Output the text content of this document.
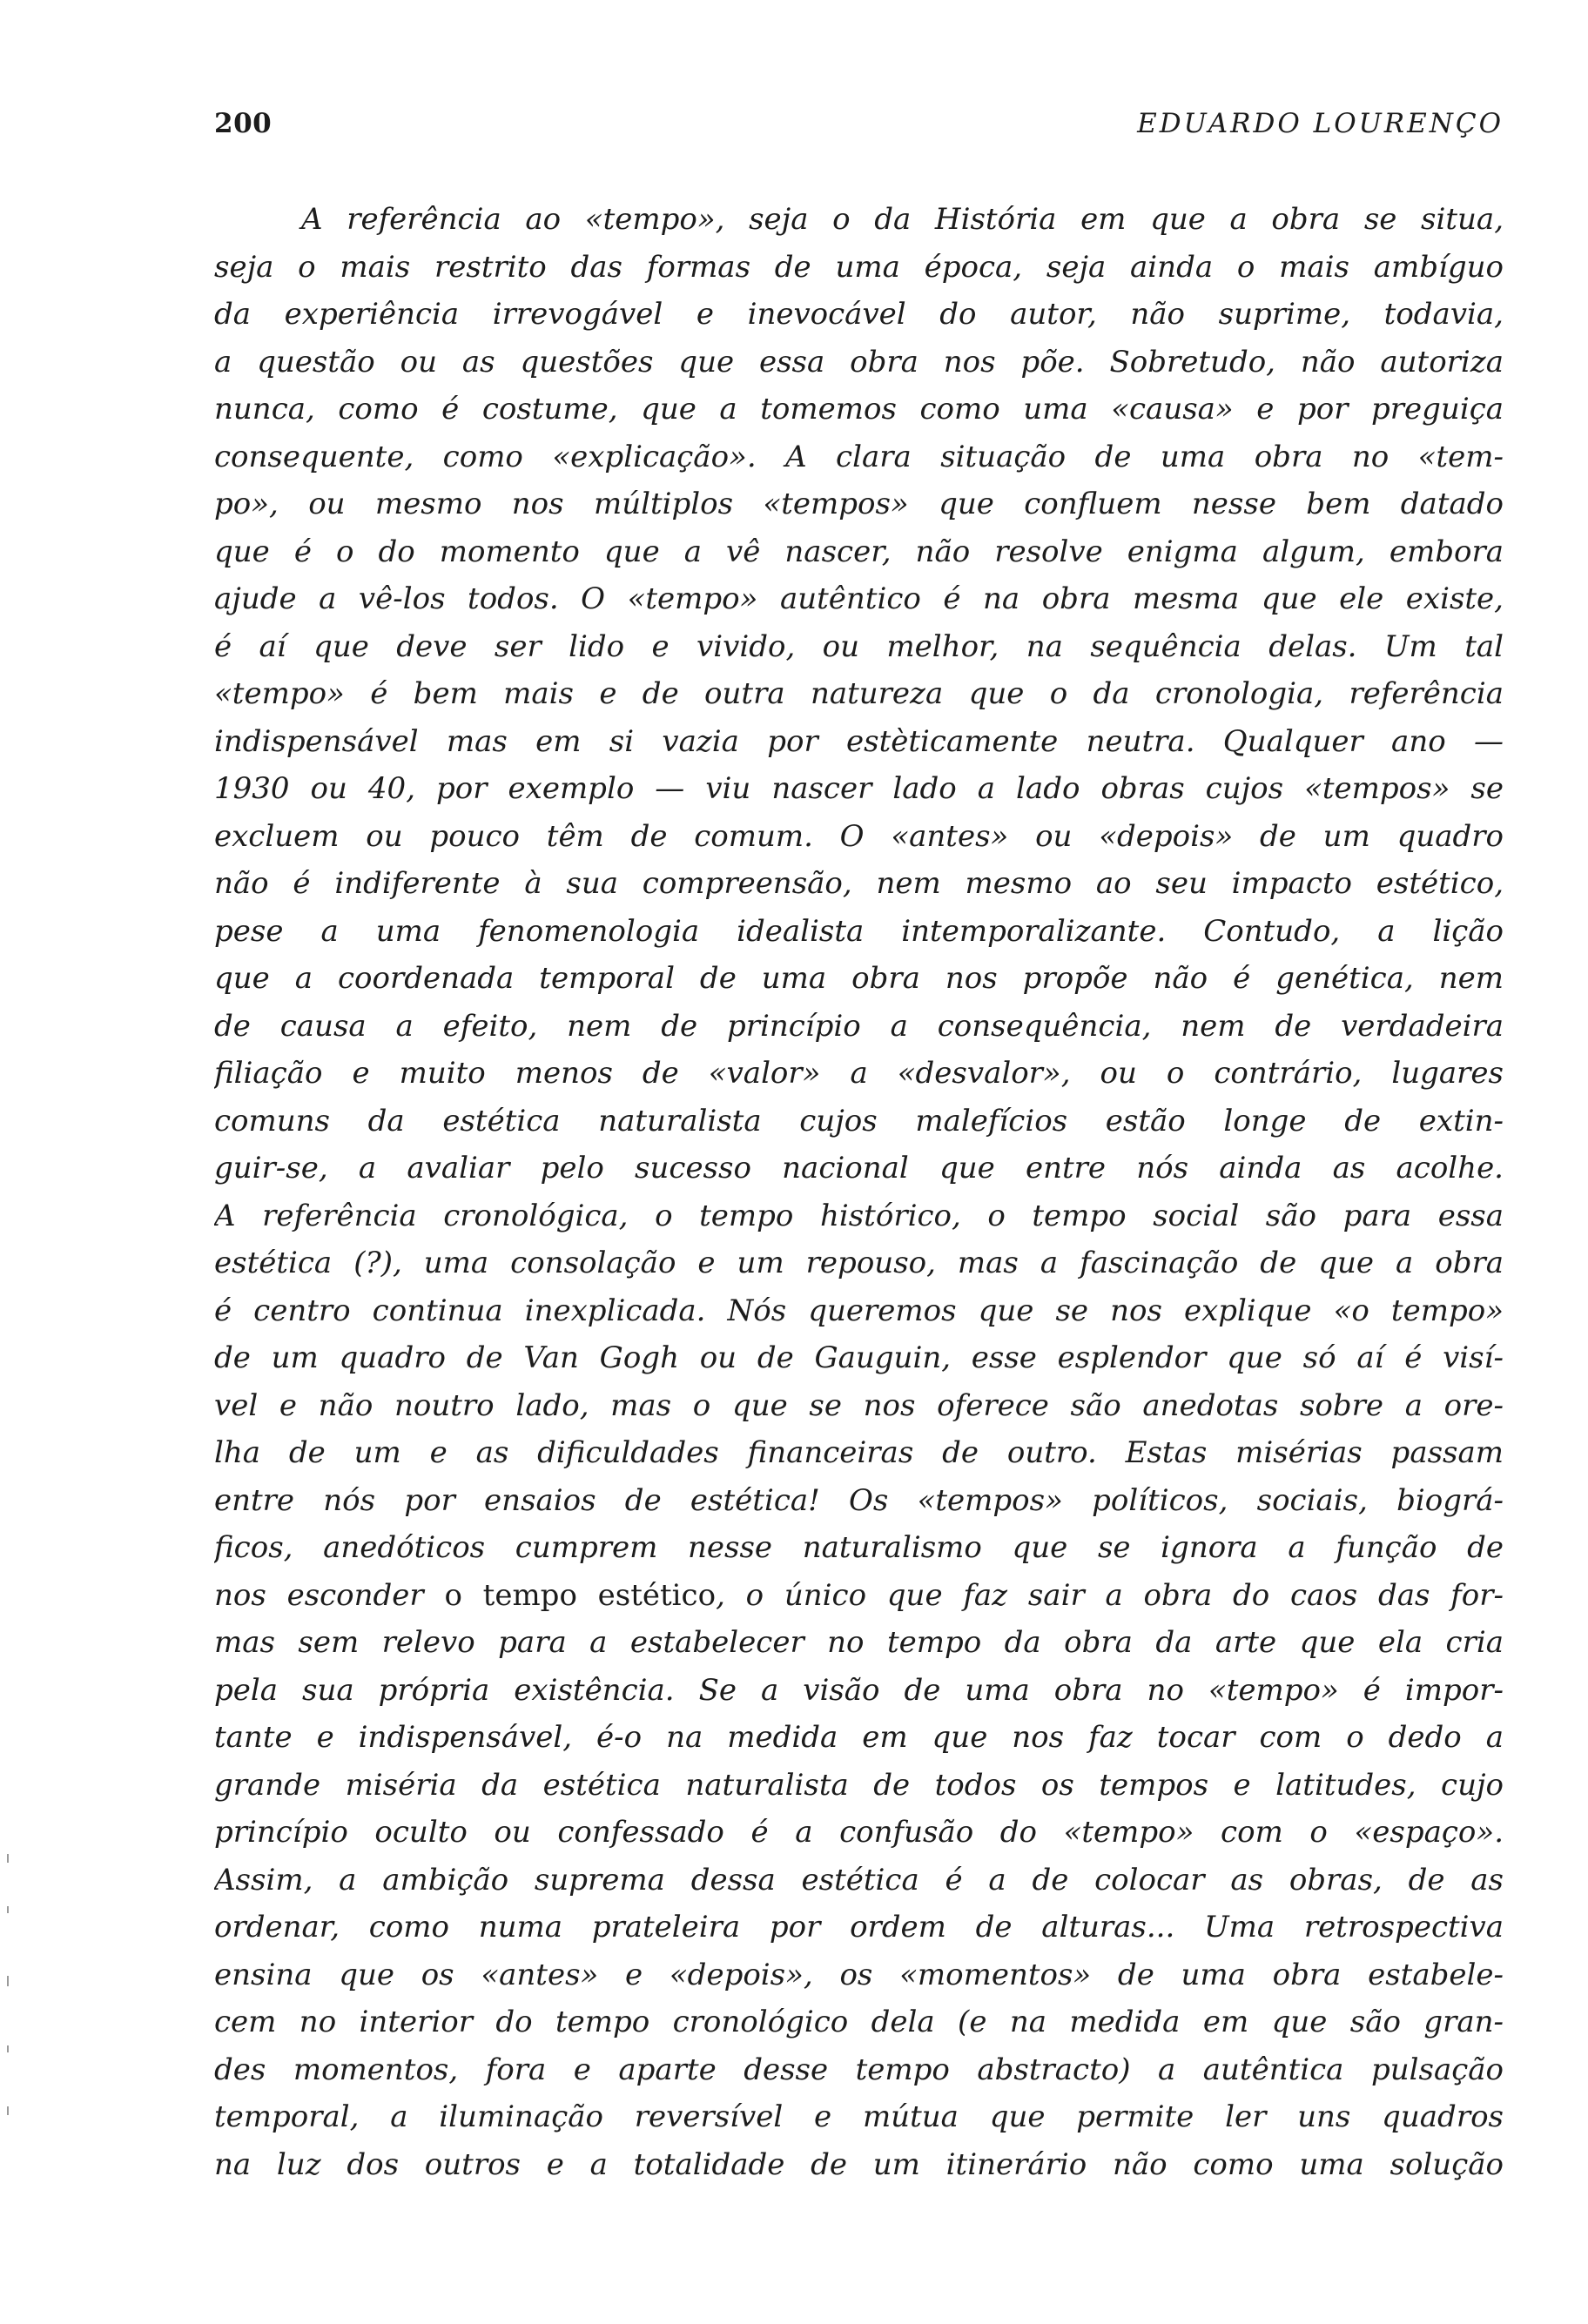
200	EDUARDO LOURENÇO
A referência ao «tempo», seja o da História em que a obra se situa,
seja o mais restrito das formas de uma época, seja ainda o mais ambíguo
da experiência irrevogável e inevocável do autor, não suprime, todavia,
a questão ou as questões que essa obra nos põe. Sobretudo, não autoriza
nunca, como é costume, que a tomemos como uma «causa» e por preguiça
consequente, como «explicação». A clara situação de uma obra no «tem-
po», ou mesmo nos múltiplos «tempos» que confluem nesse bem datado
que é o do momento que a vê nascer, não resolve enigma algum, embora
ajude a vê-los todos. O «tempo» autêntico é na obra mesma que ele existe,
é aí que deve ser lido e vivido, ou melhor, na sequência delas. Um tal
«tempo» é bem mais e de outra natureza que o da cronologia, referência
indispensável mas em si vazia por estèticamente neutra. Qualquer ano —
1930 ou 40, por exemplo — viu nascer lado a lado obras cujos «tempos» se
excluem ou pouco têm de comum. O «antes» ou «depois» de um quadro
não é indiferente à sua compreensão, nem mesmo ao seu impacto estético,
pese a uma fenomenologia idealista intemporalizante. Contudo, a lição
que a coordenada temporal de uma obra nos propõe não é genética, nem
de causa a efeito, nem de princípio a consequência, nem de verdadeira
filiação e muito menos de «valor» a «desvalor», ou o contrário, lugares
comuns da estética naturalista cujos malefícios estão longe de extin-
guir-se, a avaliar pelo sucesso nacional que entre nós ainda as acolhe.
A referência cronológica, o tempo histórico, o tempo social são para essa
estética (?), uma consolação e um repouso, mas a fascinação de que a obra
é centro continua inexplicada. Nós queremos que se nos explique «o tempo»
de um quadro de Van Gogh ou de Gauguin, esse esplendor que só aí é visí-
vel e não noutro lado, mas o que se nos oferece são anedotas sobre a ore-
lha de um e as dificuldades financeiras de outro. Estas misérias passam
entre nós por ensaios de estética! Os «tempos» políticos, sociais, biográ-
ficos, anedóticos cumprem nesse naturalismo que se ignora a função de
nos esconder o tempo estético, o único que faz sair a obra do caos das for-
mas sem relevo para a estabelecer no tempo da obra da arte que ela cria
pela sua própria existência. Se a visão de uma obra no «tempo» é impor-
tante e indispensável, é-o na medida em que nos faz tocar com o dedo a
grande miséria da estética naturalista de todos os tempos e latitudes, cujo
princípio oculto ou confessado é a confusão do «tempo» com o «espaço».
Assim, a ambição suprema dessa estética é a de colocar as obras, de as
ordenar, como numa prateleira por ordem de alturas... Uma retrospectiva
ensina que os «antes» e «depois», os «momentos» de uma obra estabele-
cem no interior do tempo cronológico dela (e na medida em que são gran-
des momentos, fora e aparte desse tempo abstracto) a autêntica pulsação
temporal, a iluminação reversível e mútua que permite ler uns quadros
na luz dos outros e a totalidade de um itinerário não como uma solução
